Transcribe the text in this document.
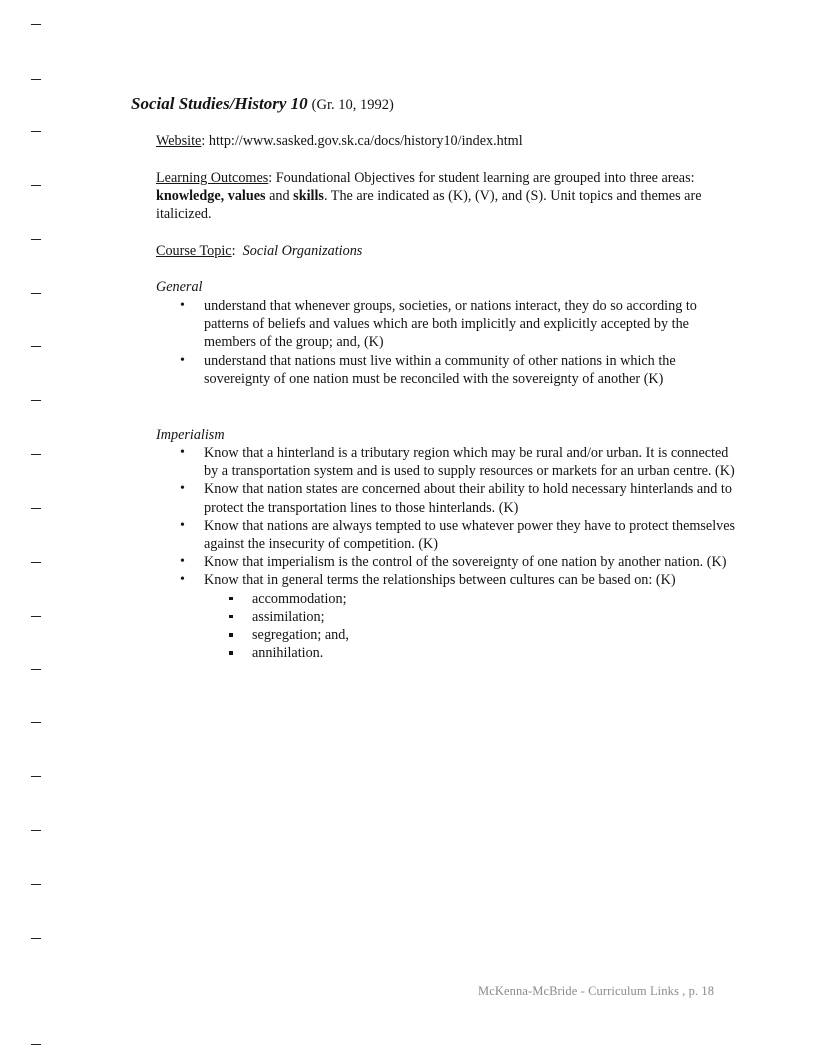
Social Studies/History 10 (Gr. 10, 1992)
Website: http://www.sasked.gov.sk.ca/docs/history10/index.html
Learning Outcomes: Foundational Objectives for student learning are grouped into three areas: knowledge, values and skills. The are indicated as (K), (V), and (S). Unit topics and themes are italicized.
Course Topic: Social Organizations
General
• understand that whenever groups, societies, or nations interact, they do so according to patterns of beliefs and values which are both implicitly and explicitly accepted by the members of the group; and, (K)
• understand that nations must live within a community of other nations in which the sovereignty of one nation must be reconciled with the sovereignty of another (K)
Imperialism
• Know that a hinterland is a tributary region which may be rural and/or urban. It is connected by a transportation system and is used to supply resources or markets for an urban centre. (K)
• Know that nation states are concerned about their ability to hold necessary hinterlands and to protect the transportation lines to those hinterlands. (K)
• Know that nations are always tempted to use whatever power they have to protect themselves against the insecurity of competition. (K)
• Know that imperialism is the control of the sovereignty of one nation by another nation. (K)
• Know that in general terms the relationships between cultures can be based on: (K)
accommodation;
assimilation;
segregation; and,
annihilation.
McKenna-McBride - Curriculum Links , p. 18
